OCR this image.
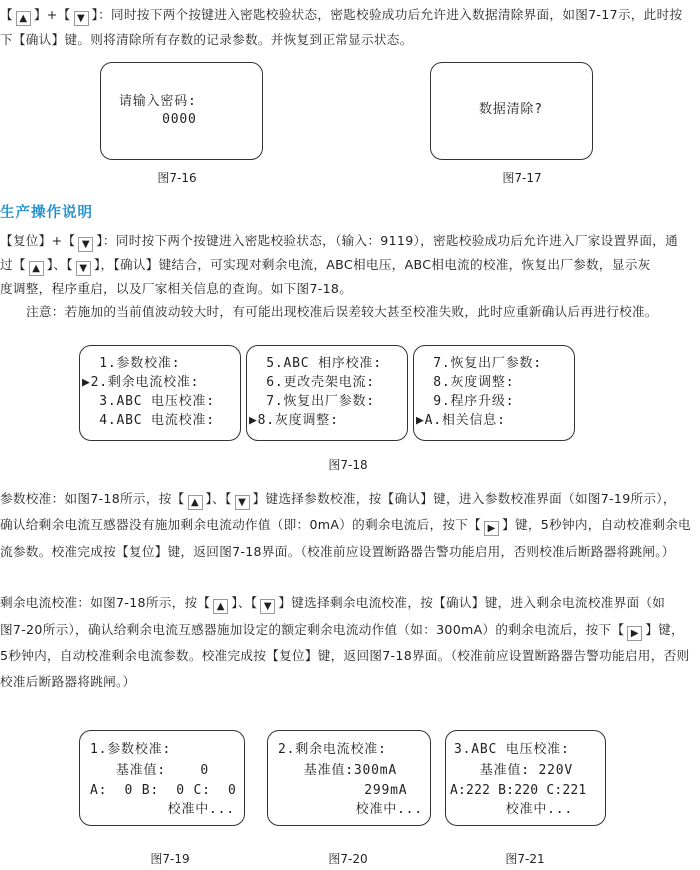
【 ▲ 】+【 ▼ 】：同时按下两个按键进入密匙校验状态，密匙校验成功后允许进入数据清除界面，如图7-17示，此时按
下【确认】键。则将清除所有存数的记录参数。并恢复到正常显示状态。
【复位】+【 ▼ 】：同时按下两个按键进入密匙校验状态，（输入：9119），密匙校验成功后允许进入厂家设置界面，通
过【 ▲ 】、【 ▼ 】，【确认】键结合，可实现对剩余电流，ABC相电压，ABC相电流的校准，恢复出厂参数，显示灰
度调整，程序重启，以及厂家相关信息的查询。如下图7-18。
注意：若施加的当前值波动较大时，有可能出现校准后误差较大甚至校准失败，此时应重新确认后再进行校准。
参数校准：如图7-18所示，按【 ▲ 】、【 ▼ 】键选择参数校准，按【确认】键，进入参数校准界面（如图7-19所示），
确认给剩余电流互感器没有施加剩余电流动作值（即：0mA）的剩余电流后，按下【 ▶ 】键，5秒钟内，自动校准剩余电
流参数。校准完成按【复位】键，返回图7-18界面。（校准前应设置断路器告警功能启用，否则校准后断路器将跳闸。）
剩余电流校准：如图7-18所示，按【 ▲ 】、【 ▼ 】键选择剩余电流校准，按【确认】键，进入剩余电流校准界面（如
图7-20所示），确认给剩余电流互感器施加设定的额定剩余电流动作值（如：300mA）的剩余电流后，按下【 ▶ 】键，
5秒钟内，自动校准剩余电流参数。校准完成按【复位】键，返回图7-18界面。（校准前应设置断路器告警功能启用，否则
校准后断路器将跳闸。）
生产操作说明
请输入密码:
0000
图7-16
数据清除?
图7-17
1.参数校准:
▶2.剩余电流校准:
3.ABC 电压校准:
4.ABC 电流校准:
5.ABC 相序校准:
6.更改壳架电流:
7.恢复出厂参数:
▶8.灰度调整:
7.恢复出厂参数:
8.灰度调整:
9.程序升级:
▶A.相关信息:
图7-18
1.参数校准:
基准值:    0
A:  0 B:  0 C:  0
校准中...
图7-19
2.剩余电流校准:
基准值:300mA
299mA
校准中...
图7-20
3.ABC 电压校准:
基准值: 220V
A:222 B:220 C:221
校准中...
图7-21
